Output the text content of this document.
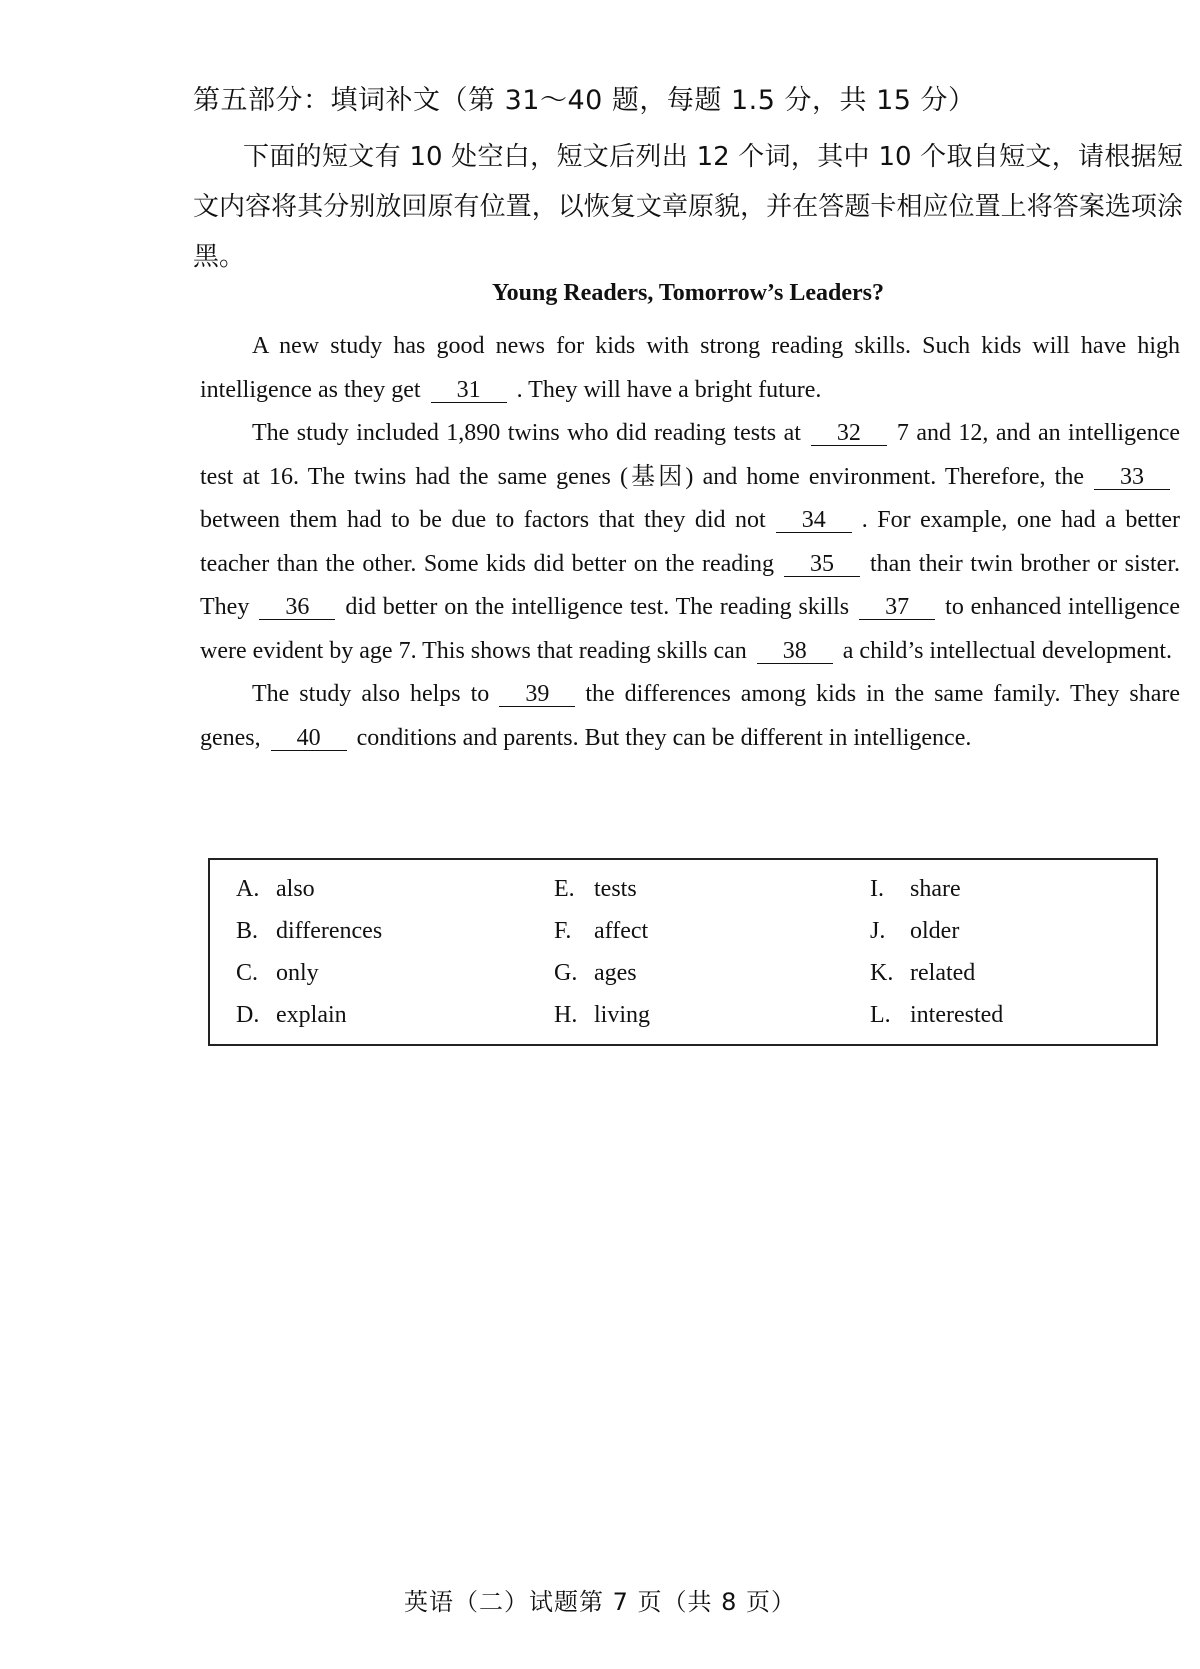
第五部分：填词补文（第 31～40 题，每题 1.5 分，共 15 分）
下面的短文有 10 处空白，短文后列出 12 个词，其中 10 个取自短文，请根据短文内容将其分别放回原有位置，以恢复文章原貌，并在答题卡相应位置上将答案选项涂黑。
Young Readers, Tomorrow’s Leaders?

A new study has good news for kids with strong reading skills. Such kids will have high intelligence as they get 31 . They will have a bright future.

The study included 1,890 twins who did reading tests at 32 7 and 12, and an intelligence test at 16. The twins had the same genes (基因) and home environment. Therefore, the 33between them had to be due to factors that they did not 34 . For example, one had a better teacher than the other. Some kids did better on the reading 35 than their twin brother or sister. They 36 did better on the intelligence test. The reading skills 37 to enhanced intelligence were evident by age 7. This shows that reading skills can 38 a child’s intellectual development.

The study also helps to 39 the differences among kids in the same family. They share genes, 40 conditions and parents. But they can be different in intelligence.

A. also
B. differences
C. only
D. explain
E. tests
F. affect
G. ages
H. living
I. share
J. older
K. related
L. interested
英语（二）试题第 7 页（共 8 页）
